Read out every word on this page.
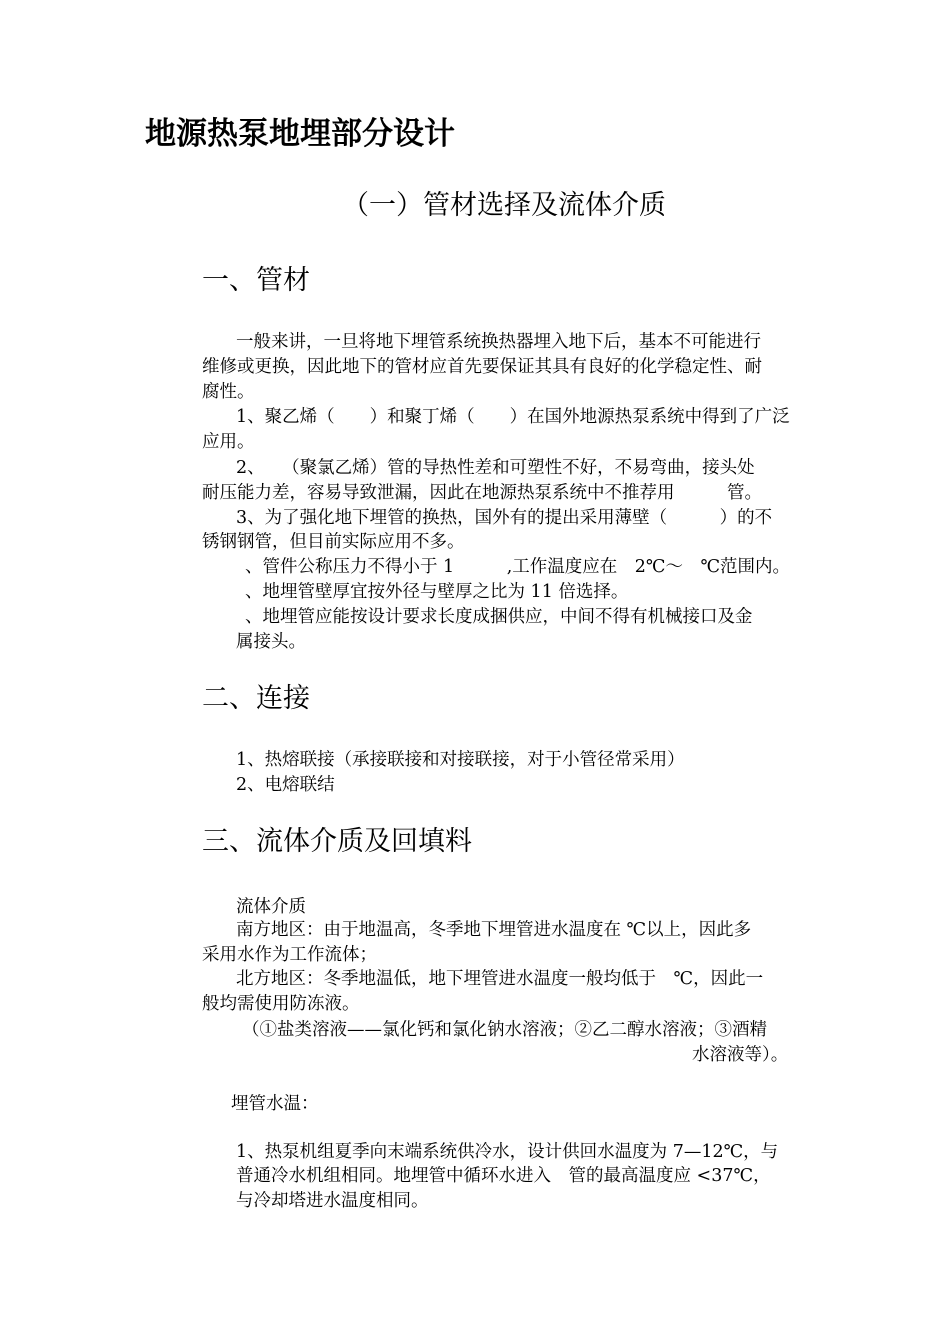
地源热泵地埋部分设计
（一）管材选择及流体介质
一、管材
一般来讲，一旦将地下埋管系统换热器埋入地下后，基本不可能进行
维修或更换，因此地下的管材应首先要保证其具有良好的化学稳定性、耐
腐性。
1、聚乙烯（　　）和聚丁烯（　　）在国外地源热泵系统中得到了广泛
应用。
2、　　（聚氯乙烯）管的导热性差和可塑性不好，不易弯曲，接头处
耐压能力差，容易导致泄漏，因此在地源热泵系统中不推荐用　　　管。
3、为了强化地下埋管的换热，国外有的提出采用薄壁（　　　）的不
锈钢钢管，但目前实际应用不多。
、管件公称压力不得小于 1　　　,工作温度应在　2℃～　℃范围内。
、地埋管壁厚宜按外径与壁厚之比为 11 倍选择。
、地埋管应能按设计要求长度成捆供应，中间不得有机械接口及金
属接头。
二、连接
1、热熔联接（承接联接和对接联接，对于小管径常采用）
2、电熔联结
三、流体介质及回填料
流体介质
南方地区：由于地温高，冬季地下埋管进水温度在 ℃以上，因此多
采用水作为工作流体；
北方地区：冬季地温低，地下埋管进水温度一般均低于　℃，因此一
般均需使用防冻液。
（①盐类溶液——氯化钙和氯化钠水溶液；②乙二醇水溶液；③酒精
水溶液等）。
埋管水温：
1、热泵机组夏季向末端系统供冷水，设计供回水温度为 7—12℃，与
普通冷水机组相同。地埋管中循环水进入　管的最高温度应 <37℃，
与冷却塔进水温度相同。
